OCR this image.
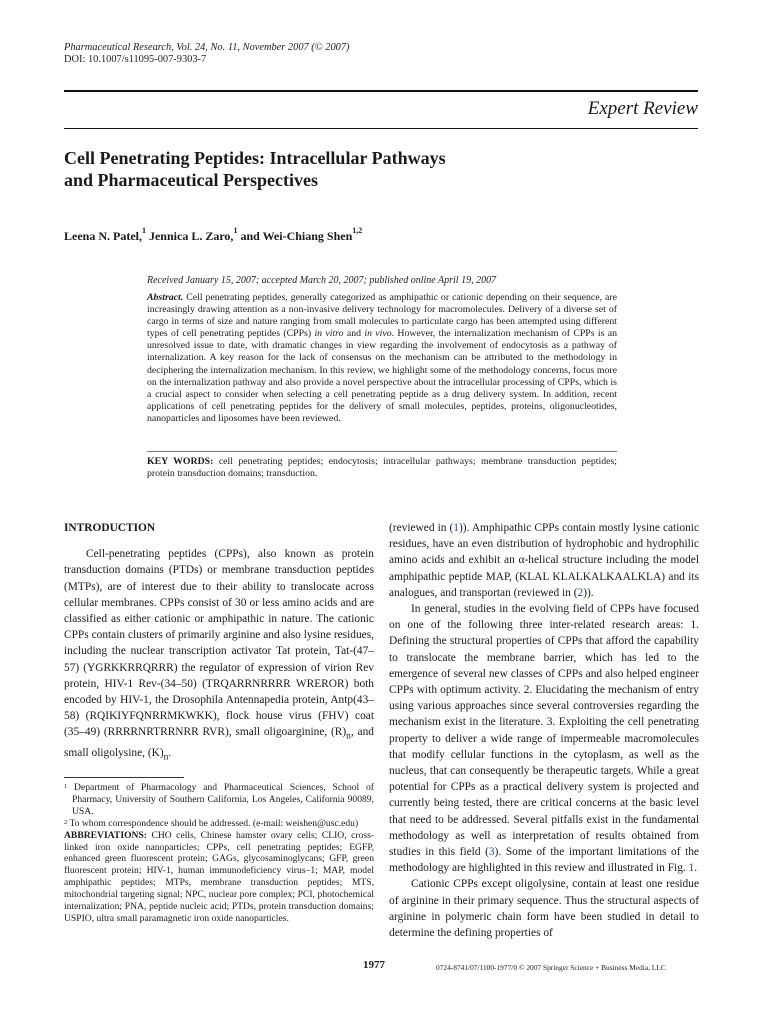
Pharmaceutical Research, Vol. 24, No. 11, November 2007 (© 2007)
DOI: 10.1007/s11095-007-9303-7
Expert Review
Cell Penetrating Peptides: Intracellular Pathways
and Pharmaceutical Perspectives
Leena N. Patel,$^1$ Jennica L. Zaro,$^1$ and Wei-Chiang Shen$^{1,2}$
Received January 15, 2007; accepted March 20, 2007; published online April 19, 2007
Abstract. Cell penetrating peptides, generally categorized as amphipathic or cationic depending on their sequence, are increasingly drawing attention as a non-invasive delivery technology for macromolecules. Delivery of a diverse set of cargo in terms of size and nature ranging from small molecules to particulate cargo has been attempted using different types of cell penetrating peptides (CPPs) in vitro and in vivo. However, the internalization mechanism of CPPs is an unresolved issue to date, with dramatic changes in view regarding the involvement of endocytosis as a pathway of internalization. A key reason for the lack of consensus on the mechanism can be attributed to the methodology in deciphering the internalization mechanism. In this review, we highlight some of the methodology concerns, focus more on the internalization pathway and also provide a novel perspective about the intracellular processing of CPPs, which is a crucial aspect to consider when selecting a cell penetrating peptide as a drug delivery system. In addition, recent applications of cell penetrating peptides for the delivery of small molecules, peptides, proteins, oligonucleotides, nanoparticles and liposomes have been reviewed.
KEY WORDS: cell penetrating peptides; endocytosis; intracellular pathways; membrane transduction peptides; protein transduction domains; transduction.
INTRODUCTION

Cell-penetrating peptides (CPPs), also known as protein transduction domains (PTDs) or membrane transduction peptides (MTPs), are of interest due to their ability to translocate across cellular membranes. CPPs consist of 30 or less amino acids and are classified as either cationic or amphipathic in nature. The cationic CPPs contain clusters of primarily arginine and also lysine residues, including the nuclear transcription activator Tat protein, Tat-(47–57) (YGRKKRRQRRR) the regulator of expression of virion Rev protein, HIV-1 Rev-(34–50) (TRQARRNRRRR WREROR) both encoded by HIV-1, the Drosophila Antennapedia protein, Antp(43–58) (RQIKIYFQNRRMKWKK), flock house virus (FHV) coat (35–49) (RRRRNRTRRNRR RVR), small oligoarginine, $(R)_n$, and small oligolysine, $(K)_n$.

(reviewed in (1)). Amphipathic CPPs contain mostly lysine cationic residues, have an even distribution of hydrophobic and hydrophilic amino acids and exhibit an α-helical structure including the model amphipathic peptide MAP, (KLAL KLALKALKAALKLA) and its analogues, and transportan (reviewed in (2)).

In general, studies in the evolving field of CPPs have focused on one of the following three inter-related research areas: 1. Defining the structural properties of CPPs that afford the capability to translocate the membrane barrier, which has led to the emergence of several new classes of CPPs and also helped engineer CPPs with optimum activity. 2. Elucidating the mechanism of entry using various approaches since several controversies regarding the mechanism exist in the literature. 3. Exploiting the cell penetrating property to deliver a wide range of impermeable macromolecules that modify cellular functions in the cytoplasm, as well as the nucleus, that can consequently be therapeutic targets. While a great potential for CPPs as a practical delivery system is projected and currently being tested, there are critical concerns at the basic level that need to be addressed. Several pitfalls exist in the fundamental methodology as well as interpretation of results obtained from studies in this field (3). Some of the important limitations of the methodology are highlighted in this review and illustrated in Fig. 1.

Cationic CPPs except oligolysine, contain at least one residue of arginine in their primary sequence. Thus the structural aspects of arginine in polymeric chain form have been studied in detail to determine the defining properties of

$^1$ Department of Pharmacology and Pharmaceutical Sciences, School of Pharmacy, University of Southern California, Los Angeles, California 90089, USA.

$^2$ To whom correspondence should be addressed. (e-mail: weishen@usc.edu)

ABBREVIATIONS: CHO cells, Chinese hamster ovary cells; CLIO, cross-linked iron oxide nanoparticles; CPPs, cell penetrating peptides; EGFP, enhanced green fluorescent protein; GAGs, glycosaminoglycans; GFP, green fluorescent protein; HIV-1, human immunodeficiency virus–1; MAP, model amphipathic peptides; MTPs, membrane transduction peptides; MTS, mitochondrial targeting signal; NPC, nuclear pore complex; PCI, photochemical internalization; PNA, peptide nucleic acid; PTDs, protein transduction domains; USPIO, ultra small paramagnetic iron oxide nanoparticles.

1977	0724-8741/07/1100-1977/0 © 2007 Springer Science + Business Media, LLC
